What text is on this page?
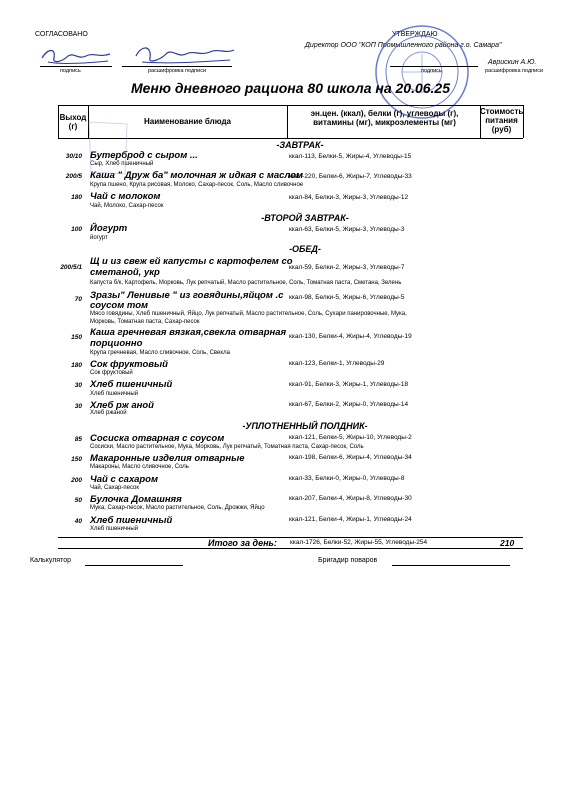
СОГЛАСОВАНО	УТВЕРЖДАЮ
Директор ООО "КОП Промышленного района г.о. Самара"
подпись	расшифровка подписи	подпись
Аврискин А.Ю.
расшифровка подписи
Меню дневного рациона 80 школа на 20.06.25
Выход (г)
Наименование блюда
эн.цен. (ккал), белки (г), углеводы (г), витамины (мг), микроэлементы (мг)
Стоимость питания (руб)
-ЗАВТРАК-
-ВТОРОЙ ЗАВТРАК-
-ОБЕД-
-УПЛОТНЕННЫЙ ПОЛДНИК-
30/10 Бутерброд с сыром ...	ккал-113, Белки-5, Жиры-4, Углеводы-15
Сыр, Хлеб пшеничный
200/5 Каша " Друж ба" молочная ж идкая с маслом
ккал-220, Белки-6, Жиры-7, Углеводы-33
Крупа пшено, Крупа рисовая, Молоко, Сахар-песок, Соль, Масло сливочное
180 Чай с молоком	ккал-84, Белки-3, Жиры-3, Углеводы-12
Чай, Молоко, Сахар-песок
100 Йогурт	ккал-63, Белки-5, Жиры-3, Углеводы-3
йогурт
200/5/1
Щ и из свеж ей капусты с картофелем со
сметаной, укр	ккал-59, Белки-2, Жиры-3, Углеводы-7
Капуста б/к, Картофель, Морковь, Лук репчатый, Масло растительное, Соль, Томатная паста, Сметана, Зелень
70 Зразы" Ленивые " из говядины,яйцом .с
соусом том
ккал-98, Белки-5, Жиры-6, Углеводы-5
Мясо говядины, Хлеб пшеничный, Яйцо, Лук репчатый, Масло растительное, Соль, Сухари панировочные, Мука,
Морковь, Томатная паста, Сахар-песок
150 Каша гречневая вязкая,свекла отварная
порционно
ккал-130, Белки-4, Жиры-4, Углеводы-19
Крупа гречневая, Масло сливочное, Соль, Свекла
180 Сок фруктовый	ккал-123, Белки-1, Углеводы-29
Сок фруктовый
30 Хлеб пшеничный	ккал-91, Белки-3, Жиры-1, Углеводы-18
Хлеб пшеничный
30 Хлеб рж аной	ккал-67, Белки-2, Жиры-0, Углеводы-14
Хлеб ржаной
85 Сосиска отварная с соусом	ккал-121, Белки-5, Жиры-10, Углеводы-2
Сосиски, Масло растительное, Мука, Морковь, Лук репчатый, Томатная паста, Сахар-песок, Соль
150 Макаронные изделия отварные	ккал-198, Белки-6, Жиры-4, Углеводы-34
Макароны, Масло сливочное, Соль
200 Чай с сахаром	ккал-33, Белки-0, Жиры-0, Углеводы-8
Чай, Сахар-песок
50 Булочка Домашняя	ккал-207, Белки-4, Жиры-8, Углеводы-30
Мука, Сахар-песок, Масло растительное, Соль, Дрожжи, Яйцо
40 Хлеб пшеничный	ккал-121, Белки-4, Жиры-1, Углеводы-24
Хлеб пшеничный
Итого за день: ккал-1726, Белки-52, Жиры-55, Углеводы-254	210
Калькулятор	Бригадир поваров
